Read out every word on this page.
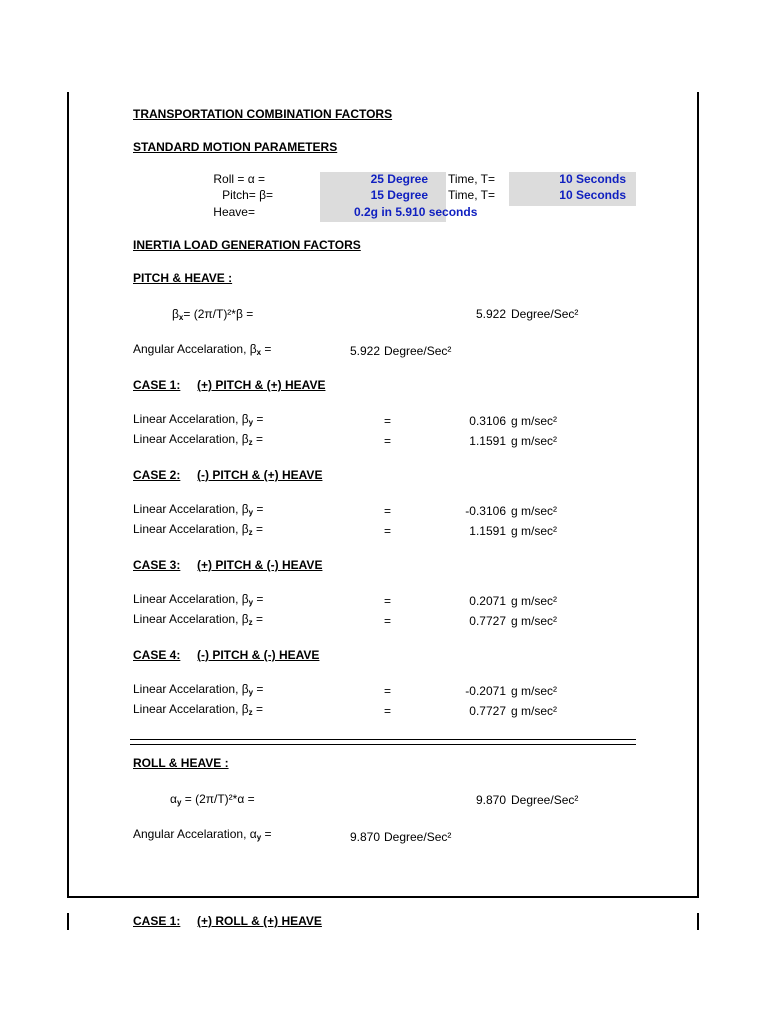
TRANSPORTATION COMBINATION FACTORS
STANDARD MOTION PARAMETERS
Roll = α =	25 Degree Time, T=	10 Seconds
Pitch= β=	15 Degree Time, T=	10 Seconds
Heave=	0.2g in 5.910 seconds
INERTIA LOAD GENERATION FACTORS
PITCH & HEAVE :
$\beta_x= (2\pi/T)^2*\beta$ =	5.922 Degree/Sec²
Angular Accelaration, $\beta_x$ =	5.922 Degree/Sec²
CASE 1: (+) PITCH & (+) HEAVE
Linear Accelaration, $\beta_y$ =	=	0.3106 g m/sec²
Linear Accelaration, $\beta_z$ =	=	1.1591 g m/sec²
CASE 2: (-) PITCH & (+) HEAVE
Linear Accelaration, $\beta_y$ =	=	-0.3106 g m/sec²
Linear Accelaration, $\beta_z$ =	=	1.1591 g m/sec²
CASE 3: (+) PITCH & (-) HEAVE
Linear Accelaration, $\beta_y$ =	=	0.2071 g m/sec²
Linear Accelaration, $\beta_z$ =	=	0.7727 g m/sec²
CASE 4: (-) PITCH & (-) HEAVE
Linear Accelaration, $\beta_y$ =	=	-0.2071 g m/sec²
Linear Accelaration, $\beta_z$ =	=	0.7727 g m/sec²
ROLL & HEAVE :
$\alpha_y = (2\pi/T)^2*\alpha$ =	9.870 Degree/Sec²
Angular Accelaration, $\alpha_y$ =	9.870 Degree/Sec²
CASE 1: (+) ROLL & (+) HEAVE
